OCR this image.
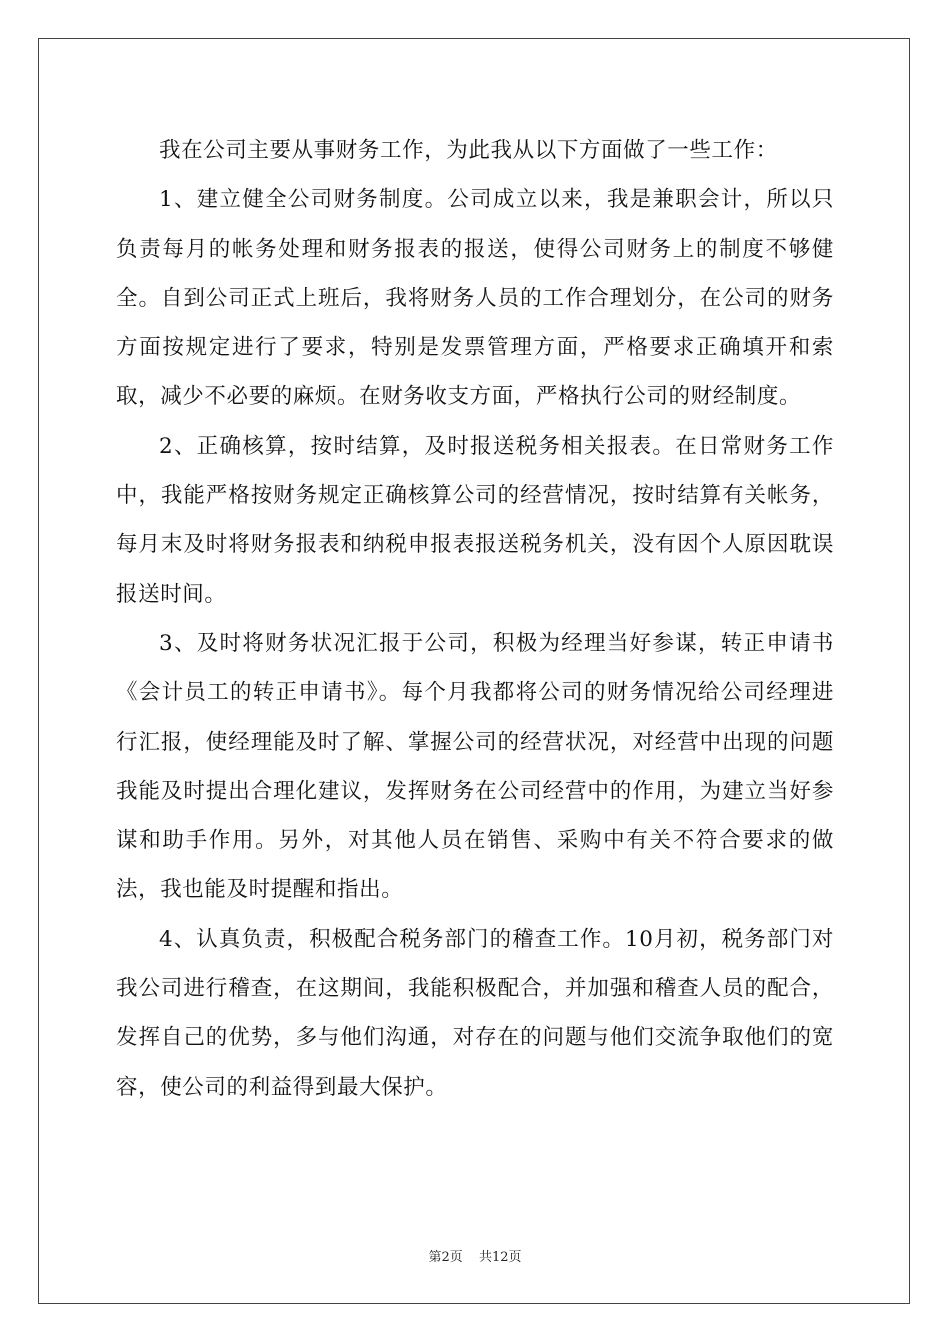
我在公司主要从事财务工作，为此我从以下方面做了一些工作：

1、建立健全公司财务制度。公司成立以来，我是兼职会计，所以只负责每月的帐务处理和财务报表的报送，使得公司财务上的制度不够健全。自到公司正式上班后，我将财务人员的工作合理划分，在公司的财务方面按规定进行了要求，特别是发票管理方面，严格要求正确填开和索取，减少不必要的麻烦。在财务收支方面，严格执行公司的财经制度。

2、正确核算，按时结算，及时报送税务相关报表。在日常财务工作中，我能严格按财务规定正确核算公司的经营情况，按时结算有关帐务，每月末及时将财务报表和纳税申报表报送税务机关，没有因个人原因耽误报送时间。

3、及时将财务状况汇报于公司，积极为经理当好参谋，转正申请书《会计员工的转正申请书》。每个月我都将公司的财务情况给公司经理进行汇报，使经理能及时了解、掌握公司的经营状况，对经营中出现的问题我能及时提出合理化建议，发挥财务在公司经营中的作用，为建立当好参谋和助手作用。另外，对其他人员在销售、采购中有关不符合要求的做法，我也能及时提醒和指出。

4、认真负责，积极配合税务部门的稽查工作。10月初，税务部门对我公司进行稽查，在这期间，我能积极配合，并加强和稽查人员的配合，发挥自己的优势，多与他们沟通，对存在的问题与他们交流争取他们的宽容，使公司的利益得到最大保护。

第2页 共12页
